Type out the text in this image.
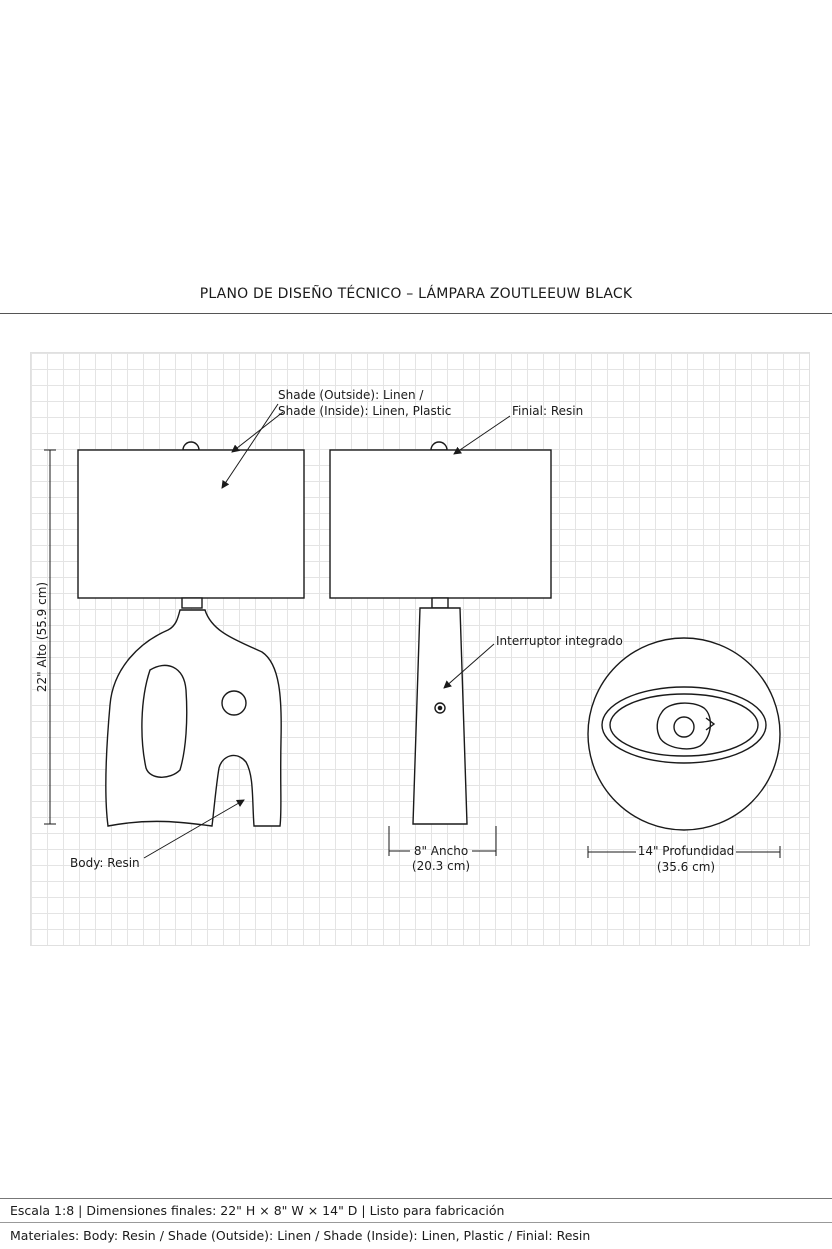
PLANO DE DISEÑO TÉCNICO – LÁMPARA ZOUTLEEUW BLACK
Shade (Outside): Linen /
Shade (Inside): Linen, Plastic	Finial: Resin
22" Alto (55.9 cm)	Interruptor integrado
Body: Resin
8" Ancho
(20.3 cm)
14" Profundidad
(35.6 cm)
Escala 1:8 | Dimensiones finales: 22" H × 8" W × 14" D | Listo para fabricación
Materiales: Body: Resin / Shade (Outside): Linen / Shade (Inside): Linen, Plastic / Finial: Resin
